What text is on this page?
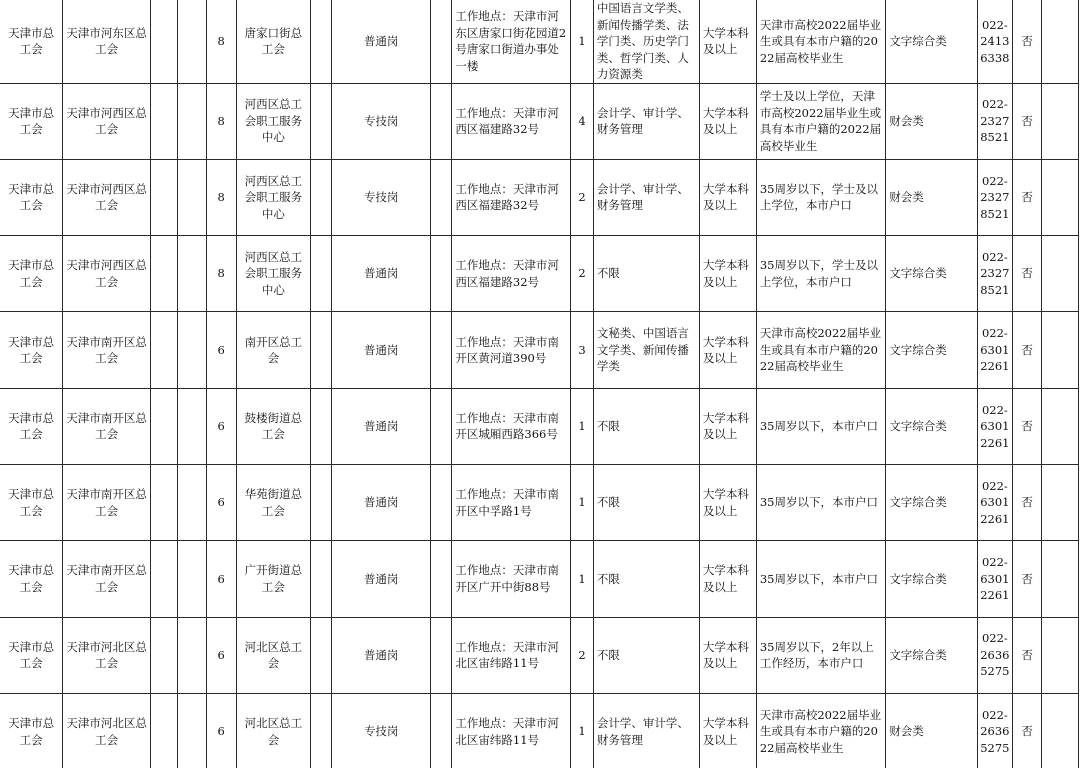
天津市总工会	天津市河东区总工会			8	唐家口街总工会		普通岗		工作地点：天津市河东区唐家口街花园道2号唐家口街道办事处一楼	1	中国语言文学类、新闻传播学类、法学门类、历史学门类、哲学门类、人力资源类	大学本科及以上	天津市高校2022届毕业生或具有本市户籍的2022届高校毕业生	文字综合类	022-24136338	否	
天津市总工会	天津市河西区总工会			8	河西区总工会职工服务中心		专技岗		工作地点：天津市河西区福建路32号	4	会计学、审计学、财务管理	大学本科及以上	学士及以上学位，天津市高校2022届毕业生或具有本市户籍的2022届高校毕业生	财会类	022-23278521	否	
天津市总工会	天津市河西区总工会			8	河西区总工会职工服务中心		专技岗		工作地点：天津市河西区福建路32号	2	会计学、审计学、财务管理	大学本科及以上	35周岁以下，学士及以上学位，本市户口	财会类	022-23278521	否	
天津市总工会	天津市河西区总工会			8	河西区总工会职工服务中心		普通岗		工作地点：天津市河西区福建路32号	2	不限	大学本科及以上	35周岁以下，学士及以上学位，本市户口	文字综合类	022-23278521	否	
天津市总工会	天津市南开区总工会			6	南开区总工会		普通岗		工作地点：天津市南开区黄河道390号	3	文秘类、中国语言文学类、新闻传播学类	大学本科及以上	天津市高校2022届毕业生或具有本市户籍的2022届高校毕业生	文字综合类	022-63012261	否	
天津市总工会	天津市南开区总工会			6	鼓楼街道总工会		普通岗		工作地点：天津市南开区城厢西路366号	1	不限	大学本科及以上	35周岁以下，本市户口	文字综合类	022-63012261	否	
天津市总工会	天津市南开区总工会			6	华苑街道总工会		普通岗		工作地点：天津市南开区中孚路1号	1	不限	大学本科及以上	35周岁以下，本市户口	文字综合类	022-63012261	否	
天津市总工会	天津市南开区总工会			6	广开街道总工会		普通岗		工作地点：天津市南开区广开中街88号	1	不限	大学本科及以上	35周岁以下，本市户口	文字综合类	022-63012261	否	
天津市总工会	天津市河北区总工会			6	河北区总工会		普通岗		工作地点：天津市河北区宙纬路11号	2	不限	大学本科及以上	35周岁以下，2年以上工作经历，本市户口	文字综合类	022-26365275	否	
天津市总工会	天津市河北区总工会			6	河北区总工会		专技岗		工作地点：天津市河北区宙纬路11号	1	会计学、审计学、财务管理	大学本科及以上	天津市高校2022届毕业生或具有本市户籍的2022届高校毕业生	财会类	022-26365275	否	
